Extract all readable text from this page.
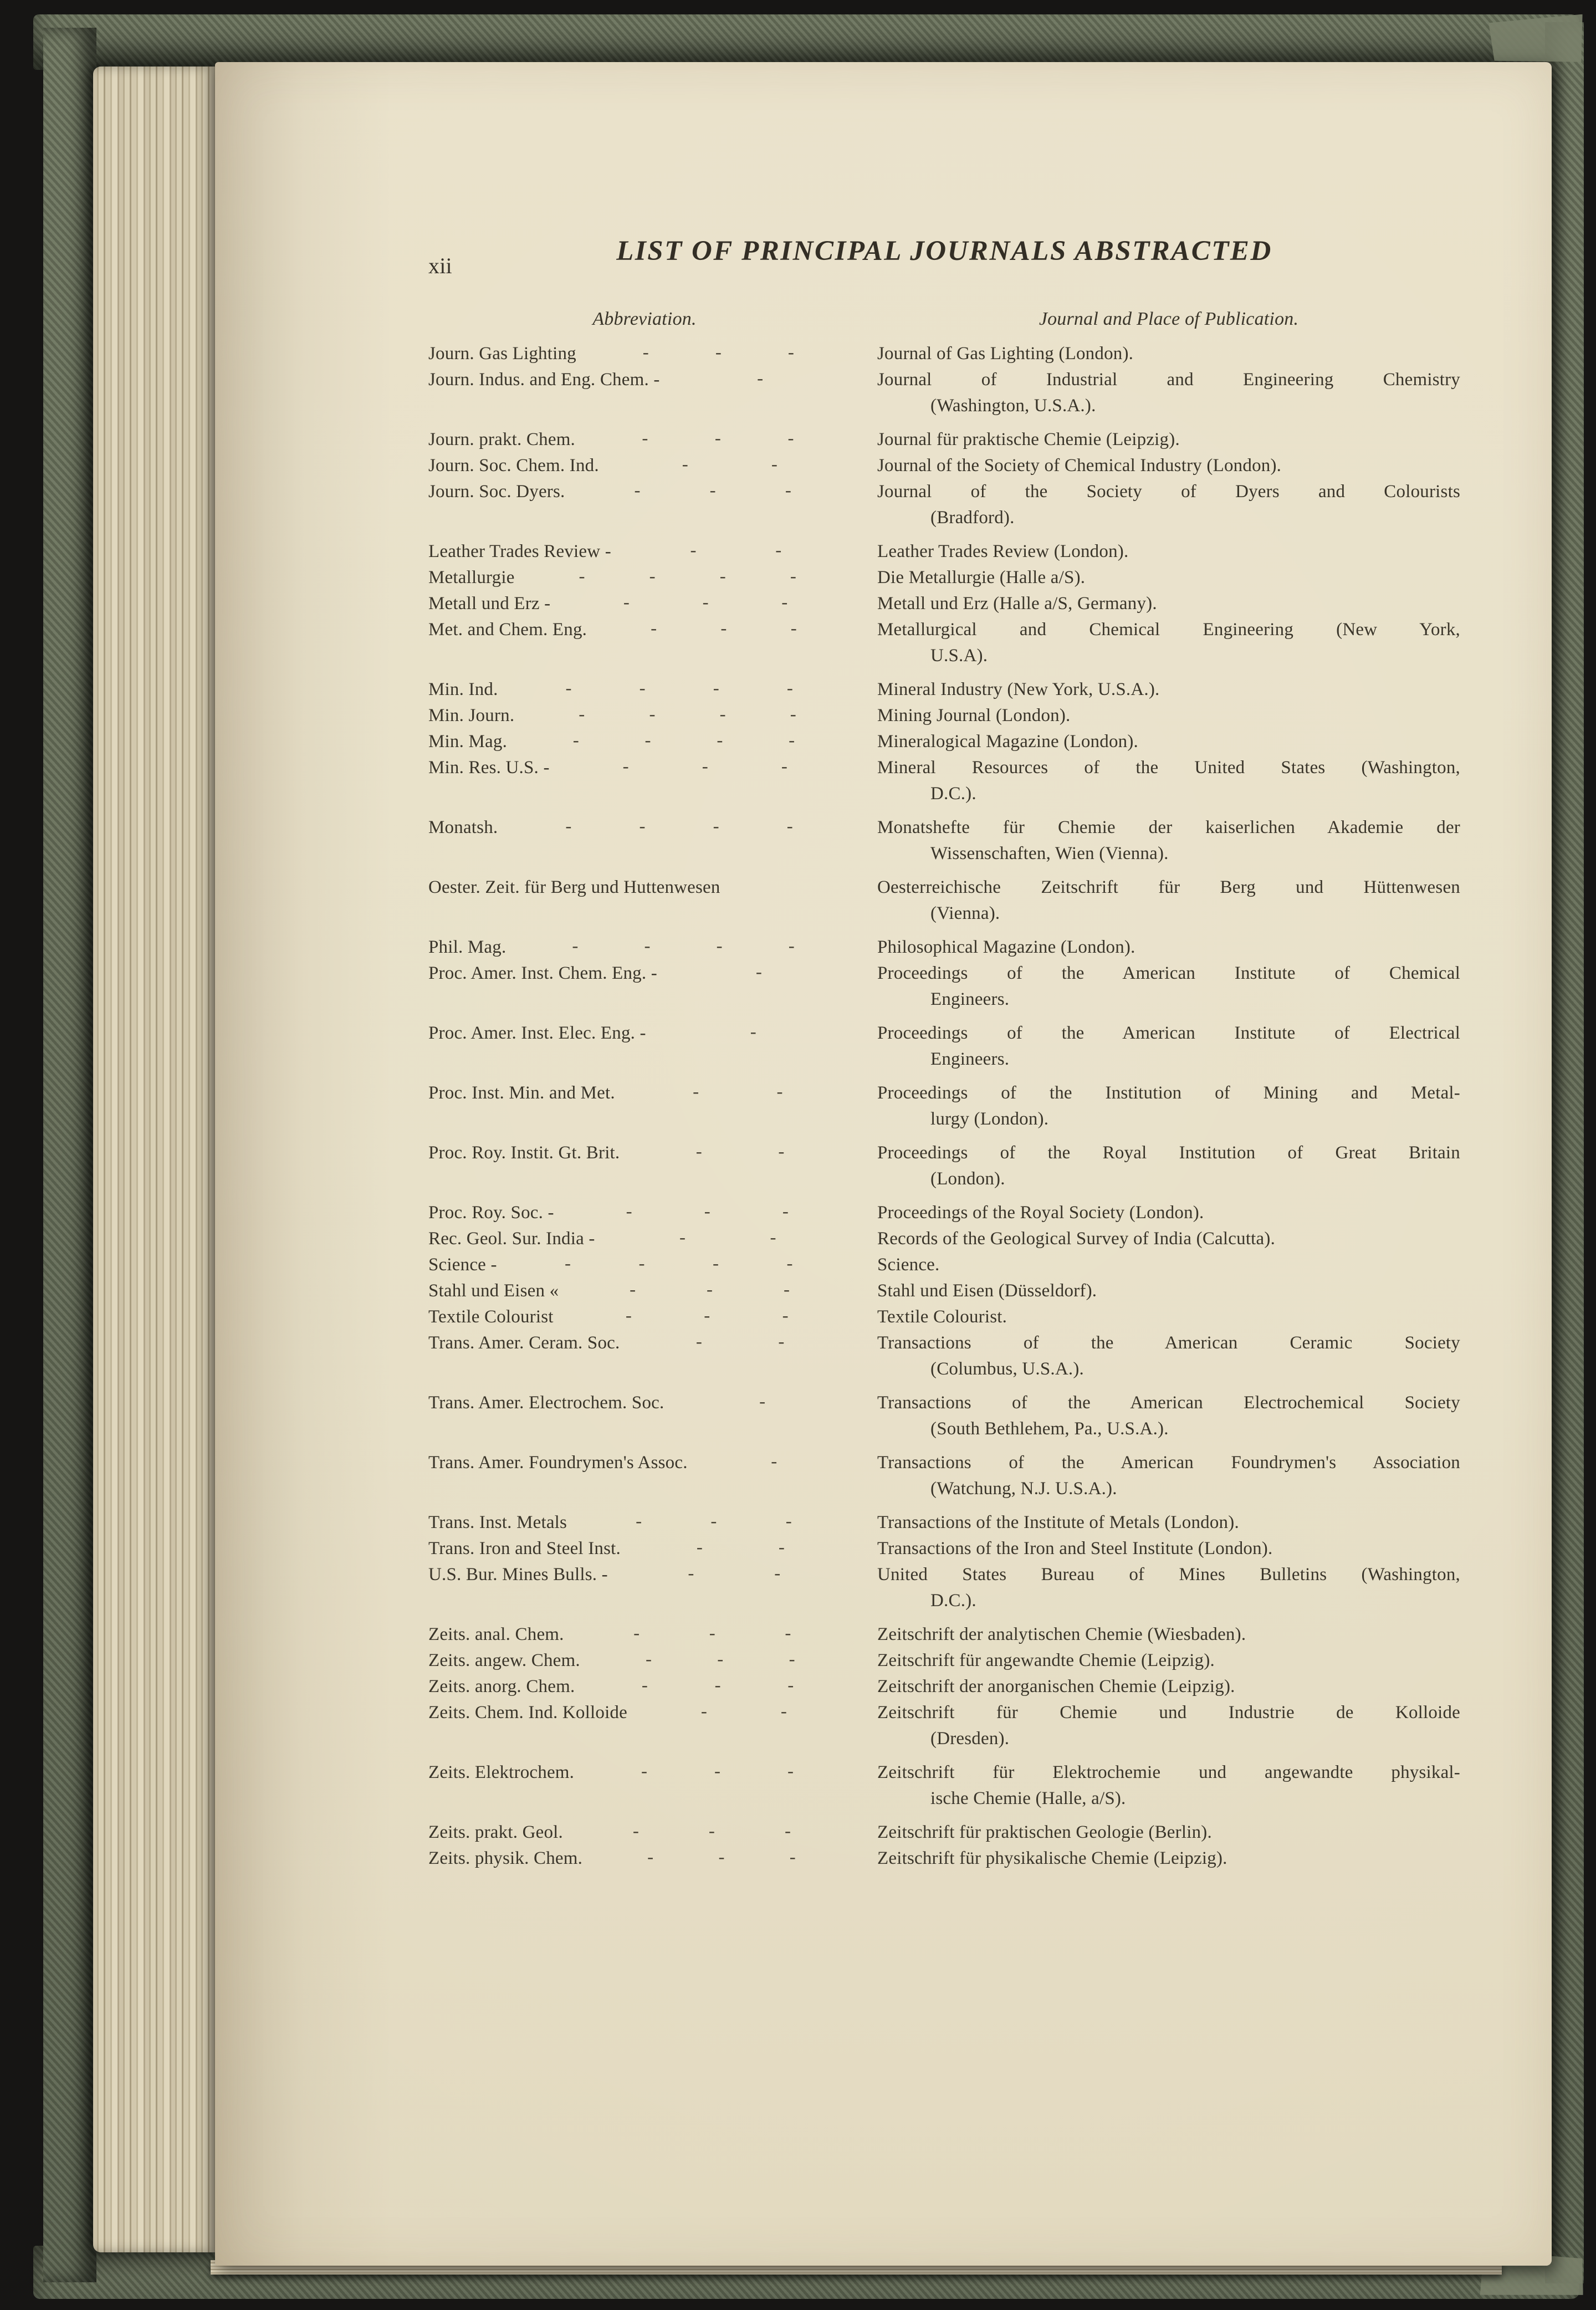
xii	LIST OF PRINCIPAL JOURNALS ABSTRACTED
Abbreviation.	Journal and Place of Publication.
Journ. Gas Lighting	-	-	-	Journal of Gas Lighting (London).
Journ. Indus. and Eng. Chem. -	-	Journal of Industrial and Engineering Chemistry
(Washington, U.S.A.).
Journ. prakt. Chem.	-	-	-	Journal für praktische Chemie (Leipzig).
Journ. Soc. Chem. Ind.	-	-	Journal of the Society of Chemical Industry (London).
Journ. Soc. Dyers.	-	-	-	Journal of the Society of Dyers and Colourists
(Bradford).
Leather Trades Review -	-	-	Leather Trades Review (London).
Metallurgie	-	-	-	-	Die Metallurgie (Halle a/S).
Metall und Erz -	-	-	-	Metall und Erz (Halle a/S, Germany).
Met. and Chem. Eng.	-	-	-	Metallurgical and Chemical Engineering (New York,
U.S.A).
Min. Ind.	-	-	-	-	Mineral Industry (New York, U.S.A.).
Min. Journ.	-	-	-	-	Mining Journal (London).
Min. Mag.	-	-	-	-	Mineralogical Magazine (London).
Min. Res. U.S. -	-	-	-	Mineral Resources of the United States (Washington,
D.C.).
Monatsh.	-	-	-	-	Monatshefte für Chemie der kaiserlichen Akademie der
Wissenschaften, Wien (Vienna).
Oester. Zeit. für Berg und Huttenwesen	Oesterreichische Zeitschrift für Berg und Hüttenwesen
(Vienna).
Phil. Mag.	-	-	-	-	Philosophical Magazine (London).
Proc. Amer. Inst. Chem. Eng. -	-	Proceedings of the American Institute of Chemical
Engineers.
Proc. Amer. Inst. Elec. Eng. -	-	Proceedings of the American Institute of Electrical
Engineers.
Proc. Inst. Min. and Met.	-	-	Proceedings of the Institution of Mining and Metal-
lurgy (London).
Proc. Roy. Instit. Gt. Brit.	-	-	Proceedings of the Royal Institution of Great Britain
(London).
Proc. Roy. Soc. -	-	-	-	Proceedings of the Royal Society (London).
Rec. Geol. Sur. India -	-	-	Records of the Geological Survey of India (Calcutta).
Science -	-	-	-	-	Science.
Stahl und Eisen «	-	-	-	Stahl und Eisen (Düsseldorf).
Textile Colourist	-	-	-	Textile Colourist.
Trans. Amer. Ceram. Soc.	-	-	Transactions of the American Ceramic Society
(Columbus, U.S.A.).
Trans. Amer. Electrochem. Soc.	-	Transactions of the American Electrochemical Society
(South Bethlehem, Pa., U.S.A.).
Trans. Amer. Foundrymen's Assoc.	-	Transactions of the American Foundrymen's Association
(Watchung, N.J. U.S.A.).
Trans. Inst. Metals	-	-	-	Transactions of the Institute of Metals (London).
Trans. Iron and Steel Inst.	-	-	Transactions of the Iron and Steel Institute (London).
U.S. Bur. Mines Bulls. -	-	-	United States Bureau of Mines Bulletins (Washington,
D.C.).
Zeits. anal. Chem.	-	-	-	Zeitschrift der analytischen Chemie (Wiesbaden).
Zeits. angew. Chem.	-	-	-	Zeitschrift für angewandte Chemie (Leipzig).
Zeits. anorg. Chem.	-	-	-	Zeitschrift der anorganischen Chemie (Leipzig).
Zeits. Chem. Ind. Kolloide	-	-	Zeitschrift für Chemie und Industrie de Kolloide
(Dresden).
Zeits. Elektrochem.	-	-	-	Zeitschrift für Elektrochemie und angewandte physikal-
ische Chemie (Halle, a/S).
Zeits. prakt. Geol.	-	-	-	Zeitschrift für praktischen Geologie (Berlin).
Zeits. physik. Chem.	-	-	-	Zeitschrift für physikalische Chemie (Leipzig).
